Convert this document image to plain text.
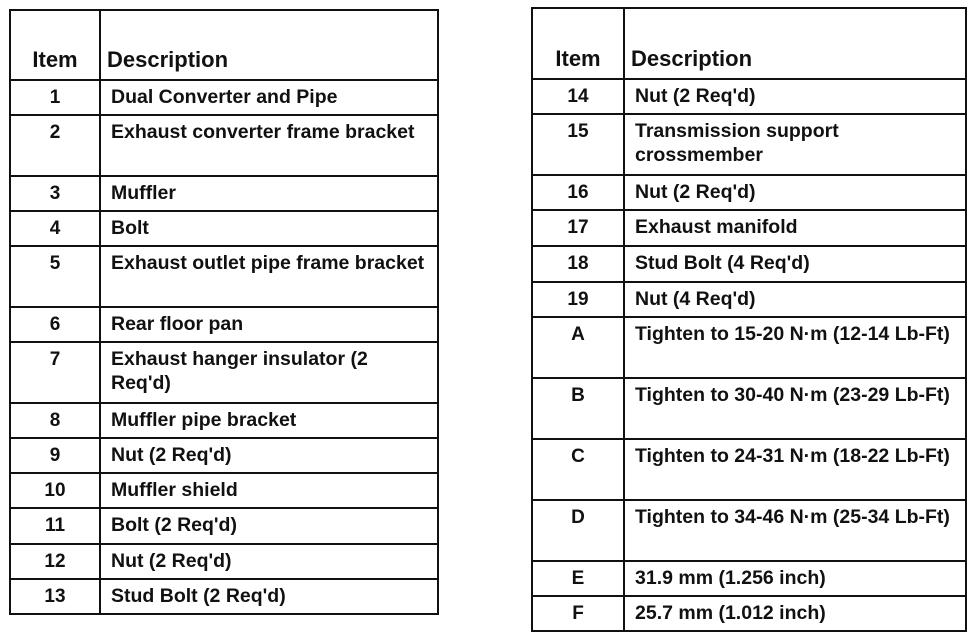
Item	Description

1	Dual Converter and Pipe

2	Exhaust converter frame bracket

3	Muffler

4	Bolt

5	Exhaust outlet pipe frame bracket

6	Rear floor pan

7	Exhaust hanger insulator (2 Req'd)

8	Muffler pipe bracket

9	Nut (2 Req'd)

10	Muffler shield

11	Bolt (2 Req'd)

12	Nut (2 Req'd)

13	Stud Bolt (2 Req'd)
Item	Description

14	Nut (2 Req'd)

15	Transmission support crossmember

16	Nut (2 Req'd)

17	Exhaust manifold

18	Stud Bolt (4 Req'd)

19	Nut (4 Req'd)

A	Tighten to 15-20 N·m (12-14 Lb-Ft)

B	Tighten to 30-40 N·m (23-29 Lb-Ft)

C	Tighten to 24-31 N·m (18-22 Lb-Ft)

D	Tighten to 34-46 N·m (25-34 Lb-Ft)

E	31.9 mm (1.256 inch)

F	25.7 mm (1.012 inch)
